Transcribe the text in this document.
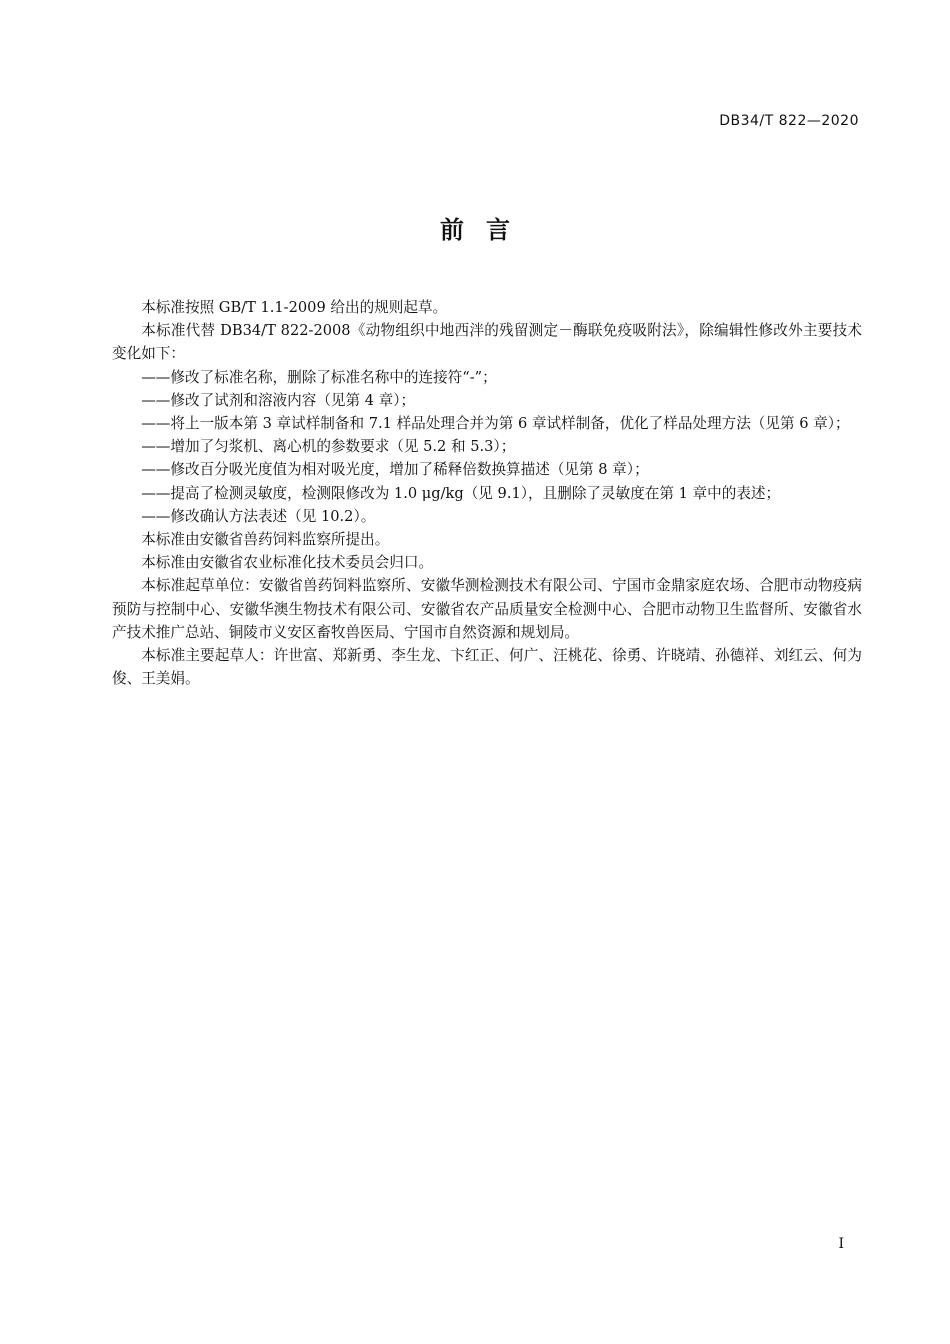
DB34/T 822—2020
前言

本标准按照 GB/T 1.1-2009 给出的规则起草。

本标准代替 DB34/T 822-2008《动物组织中地西泮的残留测定－酶联免疫吸附法》，除编辑性修改外主要技术变化如下：

——修改了标准名称，删除了标准名称中的连接符“-”；

——修改了试剂和溶液内容（见第 4 章）；

——将上一版本第 3 章试样制备和 7.1 样品处理合并为第 6 章试样制备，优化了样品处理方法（见第 6 章）；

——增加了匀浆机、离心机的参数要求（见 5.2 和 5.3）；

——修改百分吸光度值为相对吸光度，增加了稀释倍数换算描述（见第 8 章）；

——提高了检测灵敏度，检测限修改为 1.0 μg/kg（见 9.1），且删除了灵敏度在第 1 章中的表述；

——修改确认方法表述（见 10.2）。

本标准由安徽省兽药饲料监察所提出。

本标准由安徽省农业标准化技术委员会归口。

本标准起草单位：安徽省兽药饲料监察所、安徽华测检测技术有限公司、宁国市金鼎家庭农场、合肥市动物疫病预防与控制中心、安徽华澳生物技术有限公司、安徽省农产品质量安全检测中心、合肥市动物卫生监督所、安徽省水产技术推广总站、铜陵市义安区畜牧兽医局、宁国市自然资源和规划局。

本标准主要起草人：许世富、郑新勇、李生龙、卞红正、何广、汪桃花、徐勇、许晓靖、孙德祥、刘红云、何为俊、王美娟。

I
